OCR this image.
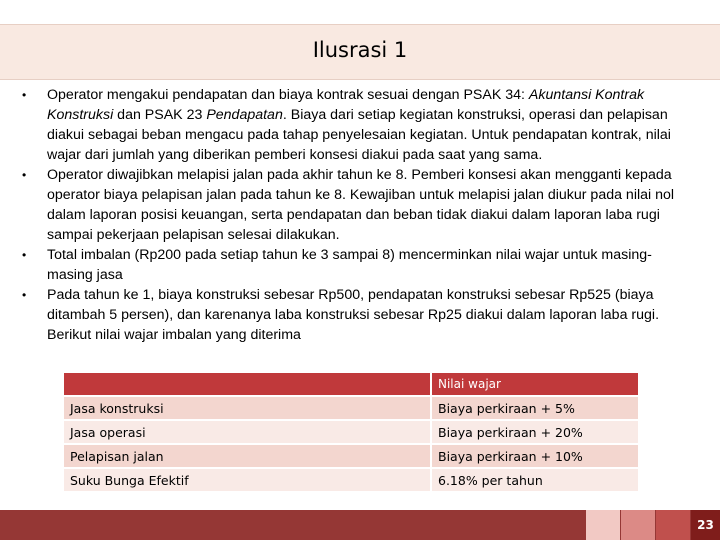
Ilusrasi 1
• Operator mengakui pendapatan dan biaya kontrak sesuai dengan PSAK 34: Akuntansi Kontrak Konstruksi dan PSAK 23 Pendapatan. Biaya dari setiap kegiatan konstruksi, operasi dan pelapisan diakui sebagai beban mengacu pada tahap penyelesaian kegiatan. Untuk pendapatan kontrak, nilai wajar dari jumlah yang diberikan pemberi konsesi diakui pada saat yang sama.
• Operator diwajibkan melapisi jalan pada akhir tahun ke 8. Pemberi konsesi akan mengganti kepada operator biaya pelapisan jalan pada tahun ke 8. Kewajiban untuk melapisi jalan diukur pada nilai nol dalam laporan posisi keuangan, serta pendapatan dan beban tidak diakui dalam laporan laba rugi sampai pekerjaan pelapisan selesai dilakukan.
• Total imbalan (Rp200 pada setiap tahun ke 3 sampai 8) mencerminkan nilai wajar untuk masing-masing jasa
• Pada tahun ke 1, biaya konstruksi sebesar Rp500, pendapatan konstruksi sebesar Rp525 (biaya ditambah 5 persen), dan karenanya laba konstruksi sebesar Rp25 diakui dalam laporan laba rugi. Berikut nilai wajar imbalan yang diterima
	Nilai wajar
Jasa konstruksi	Biaya perkiraan + 5%
Jasa operasi	Biaya perkiraan + 20%
Pelapisan jalan	Biaya perkiraan + 10%
Suku Bunga Efektif	6.18% per tahun
23
